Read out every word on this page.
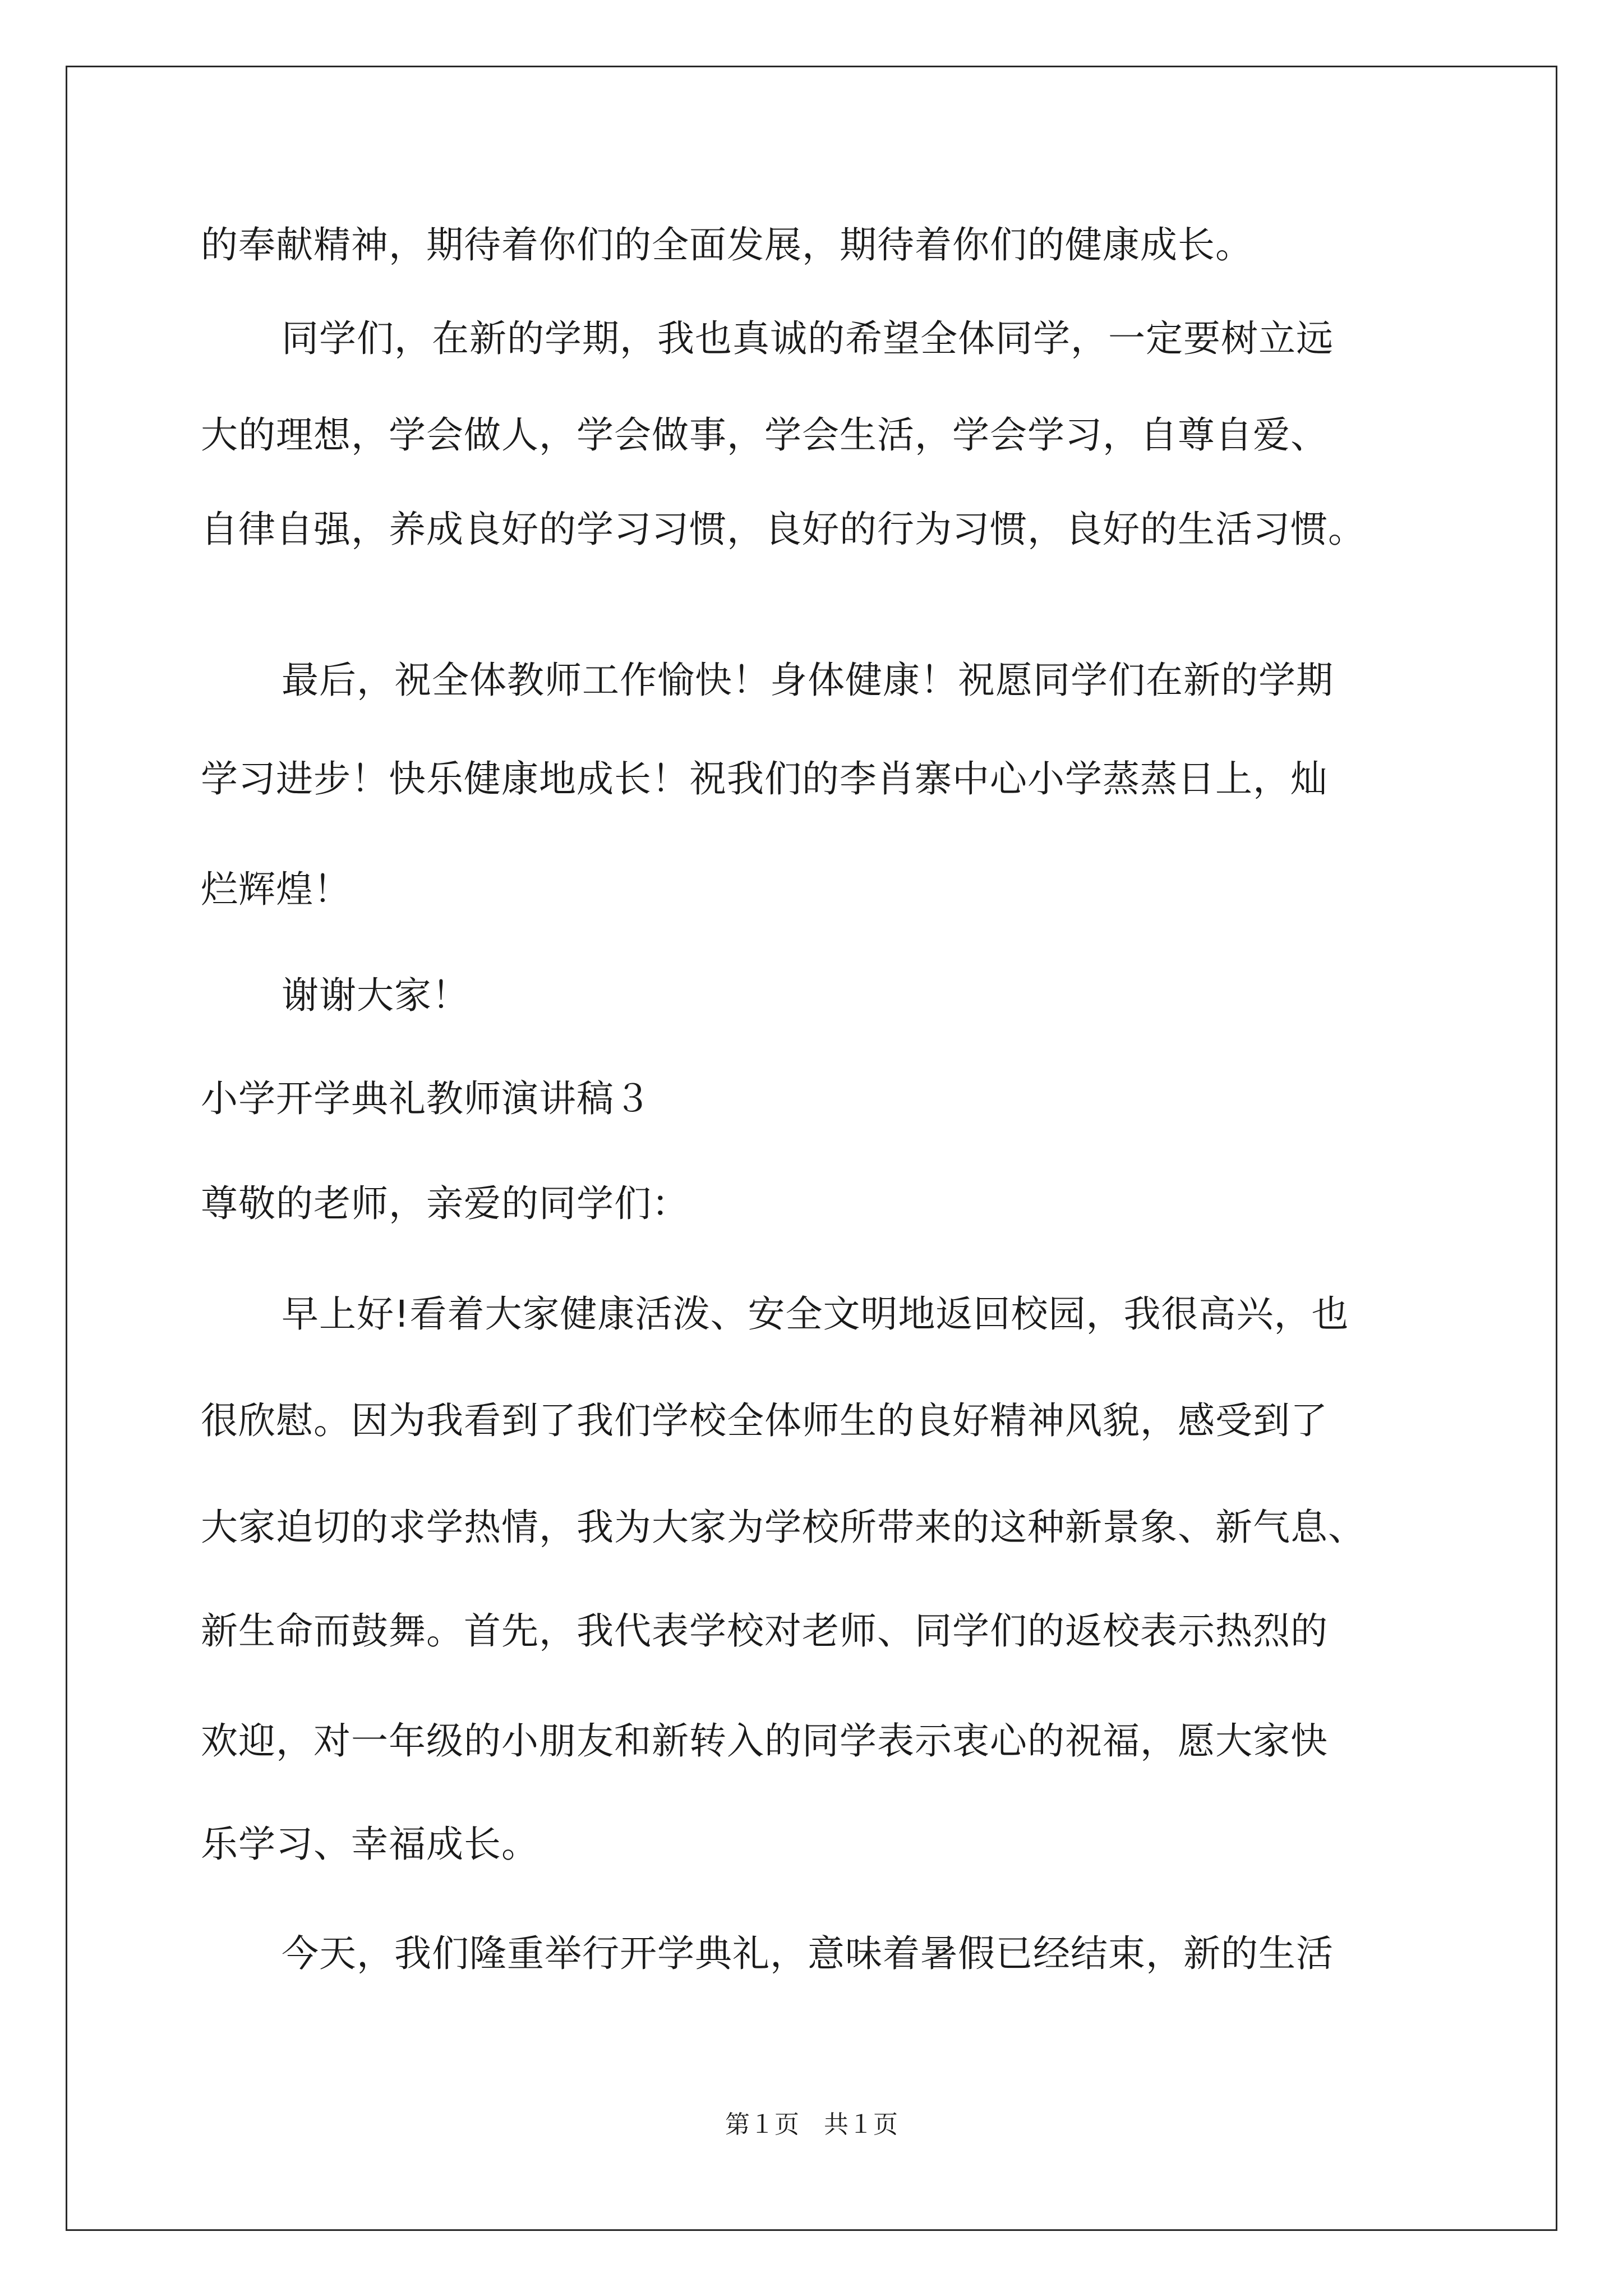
的奉献精神，期待着你们的全面发展，期待着你们的健康成长。
同学们，在新的学期，我也真诚的希望全体同学，一定要树立远
大的理想，学会做人，学会做事，学会生活，学会学习，自尊自爱、
自律自强，养成良好的学习习惯，良好的行为习惯，良好的生活习惯。
最后，祝全体教师工作愉快！身体健康！祝愿同学们在新的学期
学习进步！快乐健康地成长！祝我们的李肖寨中心小学蒸蒸日上，灿
烂辉煌！
谢谢大家！
小学开学典礼教师演讲稿３
尊敬的老师，亲爱的同学们：
早上好!看着大家健康活泼、安全文明地返回校园，我很高兴，也
很欣慰。因为我看到了我们学校全体师生的良好精神风貌，感受到了
大家迫切的求学热情，我为大家为学校所带来的这种新景象、新气息、
新生命而鼓舞。首先，我代表学校对老师、同学们的返校表示热烈的
欢迎，对一年级的小朋友和新转入的同学表示衷心的祝福，愿大家快
乐学习、幸福成长。
今天，我们隆重举行开学典礼，意味着暑假已经结束，新的生活
第１页　共１页
